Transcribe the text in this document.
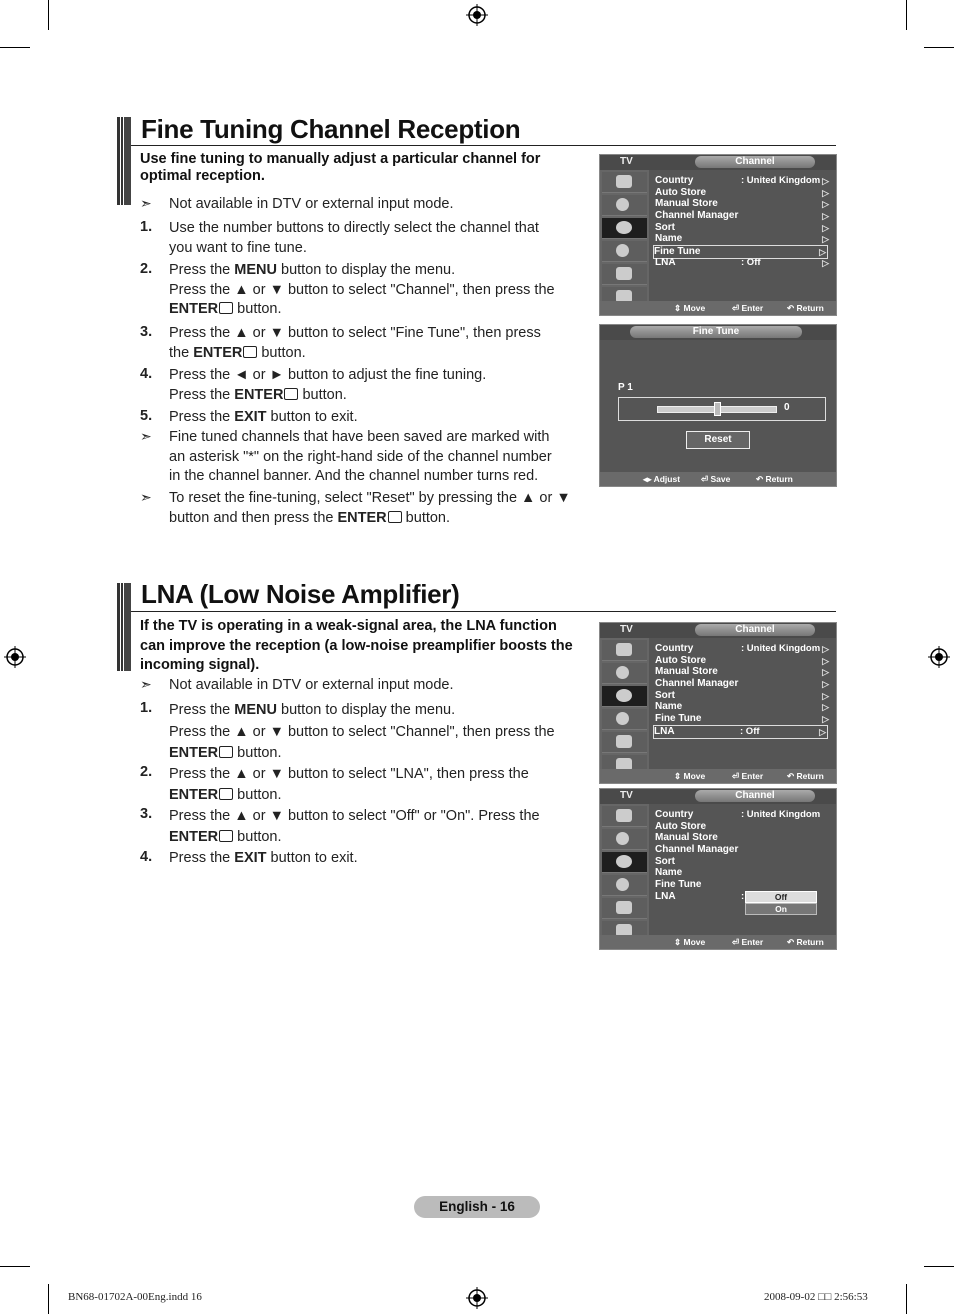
Fine Tuning Channel Reception
Use fine tuning to manually adjust a particular channel for optimal reception.
➣ Not available in DTV or external input mode.
1. Use the number buttons to directly select the channel that
you want to fine tune.
2. Press the MENU button to display the menu.
Press the ▲ or ▼ button to select "Channel", then press the
ENTER button.
3. Press the ▲ or ▼ button to select "Fine Tune", then press
the ENTER button.
4. Press the ◄ or ► button to adjust the fine tuning.
Press the ENTER button.
5. Press the EXIT button to exit.
➣ Fine tuned channels that have been saved are marked with
an asterisk "*" on the right-hand side of the channel number
in the channel banner. And the channel number turns red.
➣ To reset the fine-tuning, select "Reset" by pressing the ▲ or ▼
button and then press the ENTER button.
TV	Channel
Country	: United Kingdom ▷
Auto Store	▷
Manual Store	▷
Channel Manager	▷
Sort	▷
Name	▷
Fine Tune	▷
LNA	: Off	▷
⇕ Move	⏎ Enter	↶ Return
Fine Tune
P 1
0
Reset
◂▸ Adjust ⏎ Save	↶ Return
LNA (Low Noise Amplifier)
If the TV is operating in a weak-signal area, the LNA function
can improve the reception (a low-noise preamplifier boosts the
incoming signal).
➣ Not available in DTV or external input mode.
1. Press the MENU button to display the menu.
Press the ▲ or ▼ button to select "Channel", then press the
ENTER button.
2. Press the ▲ or ▼ button to select "LNA", then press the
ENTER button.
3. Press the ▲ or ▼ button to select "Off" or "On". Press the
ENTER button.
4. Press the EXIT button to exit.
TV	Channel
Country	: United Kingdom ▷
Auto Store	▷
Manual Store	▷
Channel Manager	▷
Sort	▷
Name	▷
Fine Tune	▷
LNA	: Off	▷
⇕ Move	⏎ Enter	↶ Return
TV	Channel
Country	: United Kingdom
Auto Store
Manual Store
Channel Manager
Sort
Name
Fine Tune
LNA	:	Off
On
⇕ Move	⏎ Enter	↶ Return
English - 16
BN68-01702A-00Eng.indd 16	2008-09-02 □□ 2:56:53
